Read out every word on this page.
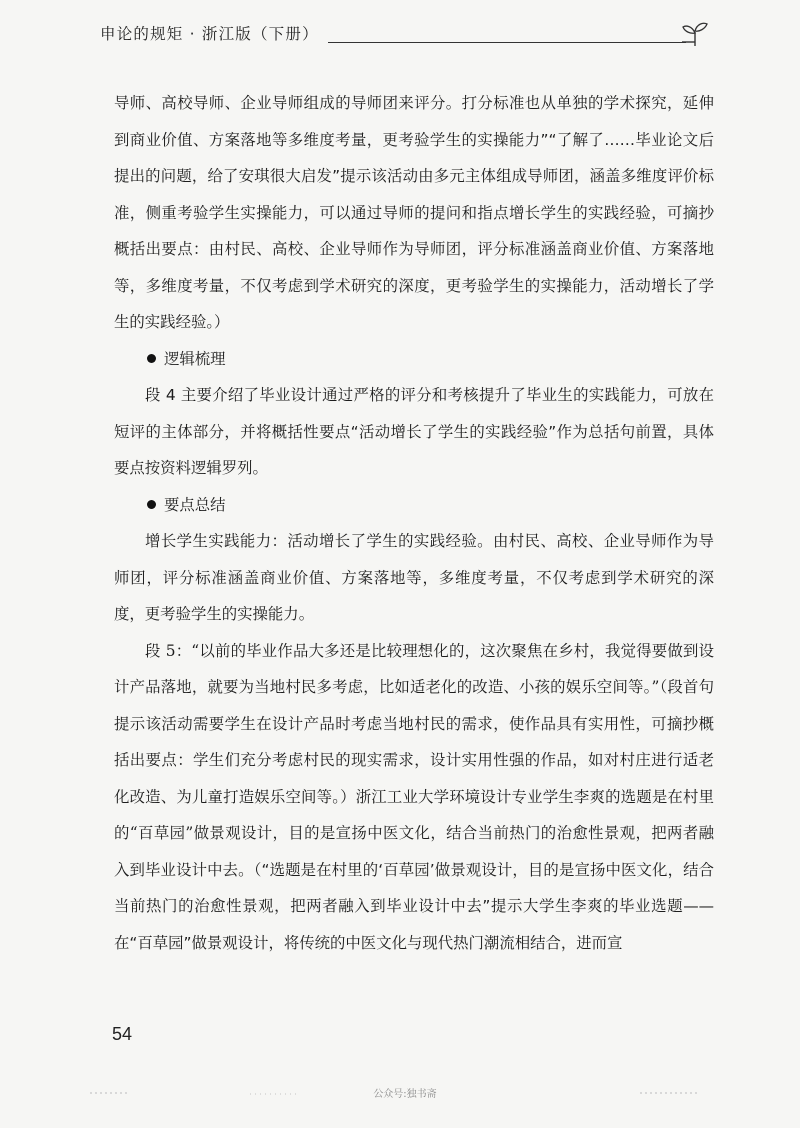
申论的规矩 · 浙江版（下册）

导师、高校导师、企业导师组成的导师团来评分。打分标准也从单独的学术探究，延伸到商业价值、方案落地等多维度考量，更考验学生的实操能力”“了解了……毕业论文后提出的问题，给了安琪很大启发”提示该活动由多元主体组成导师团，涵盖多维度评价标准，侧重考验学生实操能力，可以通过导师的提问和指点增长学生的实践经验，可摘抄概括出要点：由村民、高校、企业导师作为导师团，评分标准涵盖商业价值、方案落地等，多维度考量，不仅考虑到学术研究的深度，更考验学生的实操能力，活动增长了学生的实践经验。）

逻辑梳理

段 4 主要介绍了毕业设计通过严格的评分和考核提升了毕业生的实践能力，可放在短评的主体部分，并将概括性要点“活动增长了学生的实践经验”作为总括句前置，具体要点按资料逻辑罗列。

要点总结

增长学生实践能力：活动增长了学生的实践经验。由村民、高校、企业导师作为导师团，评分标准涵盖商业价值、方案落地等，多维度考量，不仅考虑到学术研究的深度，更考验学生的实操能力。

段 5：“以前的毕业作品大多还是比较理想化的，这次聚焦在乡村，我觉得要做到设计产品落地，就要为当地村民多考虑，比如适老化的改造、小孩的娱乐空间等。”（段首句提示该活动需要学生在设计产品时考虑当地村民的需求，使作品具有实用性，可摘抄概括出要点：学生们充分考虑村民的现实需求，设计实用性强的作品，如对村庄进行适老化改造、为儿童打造娱乐空间等。）浙江工业大学环境设计专业学生李爽的选题是在村里的“百草园”做景观设计，目的是宣扬中医文化，结合当前热门的治愈性景观，把两者融入到毕业设计中去。（“选题是在村里的‘百草园’做景观设计，目的是宣扬中医文化，结合当前热门的治愈性景观，把两者融入到毕业设计中去”提示大学生李爽的毕业选题——在“百草园”做景观设计，将传统的中医文化与现代热门潮流相结合，进而宣

54
公众号:独书斋
